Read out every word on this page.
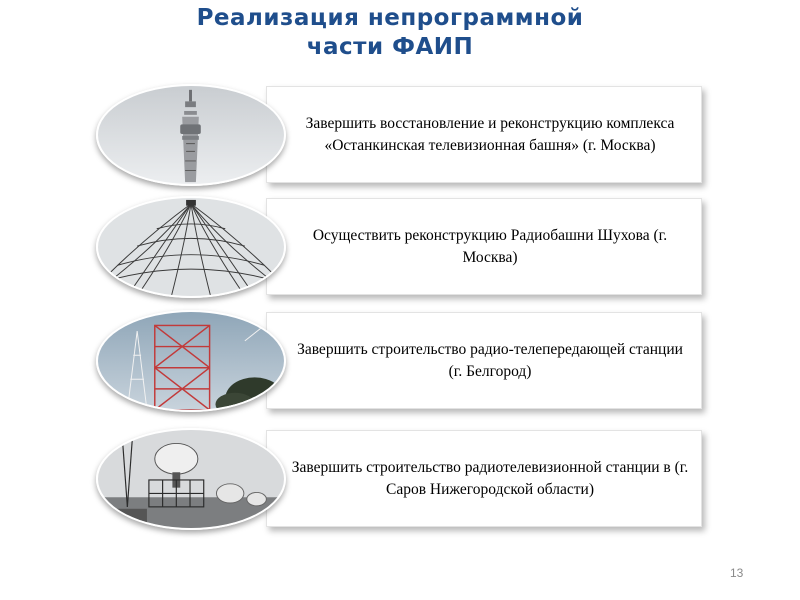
Реализация непрограммной
части ФАИП
Завершить восстановление и реконструкцию комплекса «Останкинская телевизионная башня» (г. Москва)
Осуществить реконструкцию Радиобашни Шухова (г. Москва)
Завершить строительство радио-телепередающей станции (г. Белгород)
Завершить строительство радиотелевизионной станции в (г. Саров Нижегородской области)
13
